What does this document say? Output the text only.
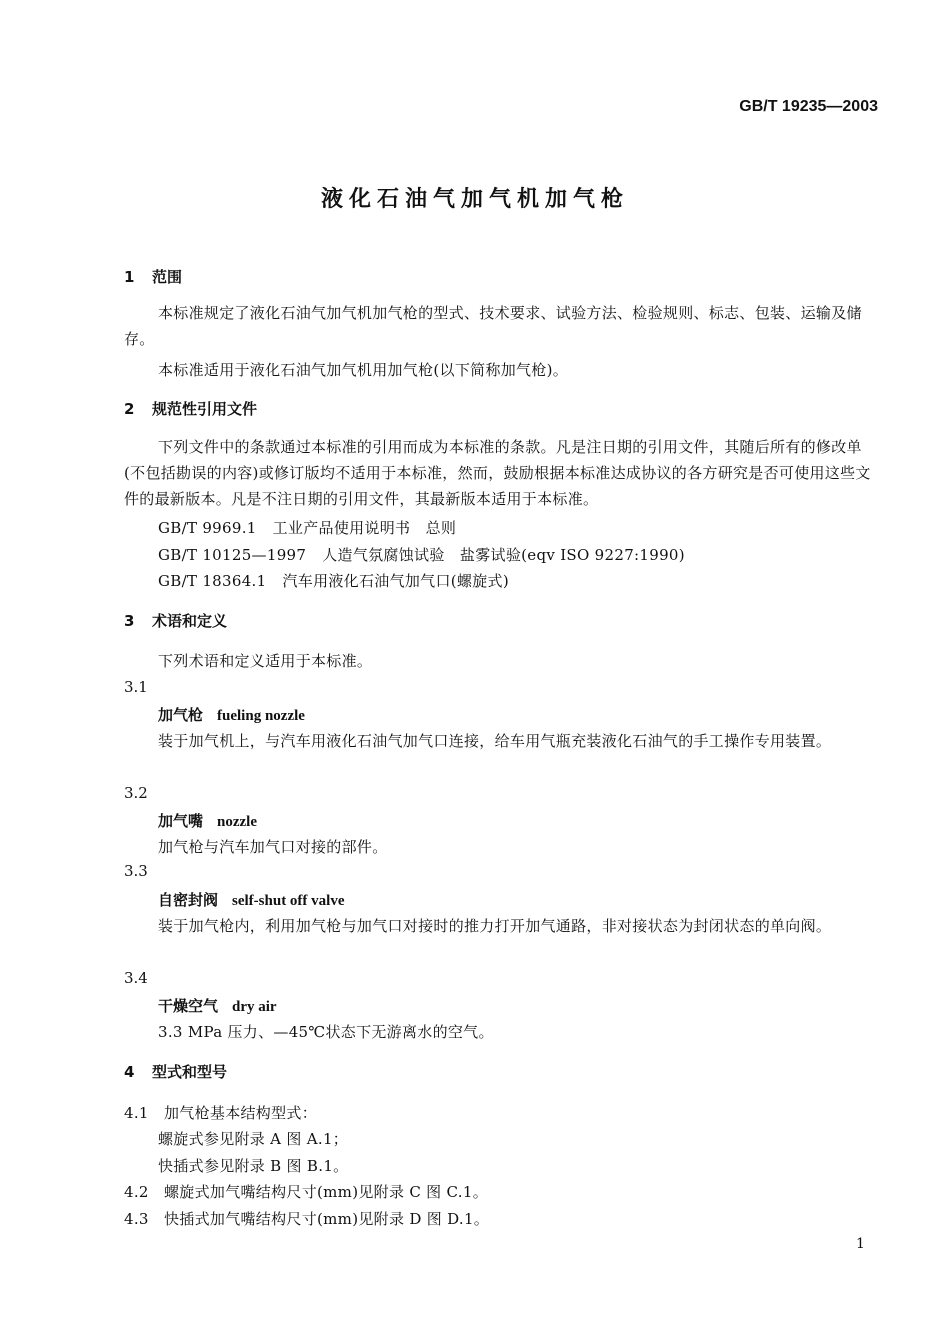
GB/T 19235—2003
液化石油气加气机加气枪
1 范围
本标准规定了液化石油气加气机加气枪的型式、技术要求、试验方法、检验规则、标志、包装、运输及储存。
本标准适用于液化石油气加气机用加气枪(以下简称加气枪)。
2 规范性引用文件
下列文件中的条款通过本标准的引用而成为本标准的条款。凡是注日期的引用文件，其随后所有的修改单(不包括勘误的内容)或修订版均不适用于本标准，然而，鼓励根据本标准达成协议的各方研究是否可使用这些文件的最新版本。凡是不注日期的引用文件，其最新版本适用于本标准。
GB/T 9969.1 工业产品使用说明书　总则
GB/T 10125—1997 人造气氛腐蚀试验　盐雾试验(eqv ISO 9227:1990)
GB/T 18364.1 汽车用液化石油气加气口(螺旋式)
3 术语和定义
下列术语和定义适用于本标准。
3.1
加气枪 fueling nozzle
装于加气机上，与汽车用液化石油气加气口连接，给车用气瓶充装液化石油气的手工操作专用装置。
3.2
加气嘴 nozzle
加气枪与汽车加气口对接的部件。
3.3
自密封阀 self-shut off valve
装于加气枪内，利用加气枪与加气口对接时的推力打开加气通路，非对接状态为封闭状态的单向阀。
3.4
干燥空气 dry air
3.3 MPa 压力、—45℃状态下无游离水的空气。
4 型式和型号
4.1 加气枪基本结构型式：
螺旋式参见附录 A 图 A.1；
快插式参见附录 B 图 B.1。
4.2 螺旋式加气嘴结构尺寸(mm)见附录 C 图 C.1。
4.3 快插式加气嘴结构尺寸(mm)见附录 D 图 D.1。
1
